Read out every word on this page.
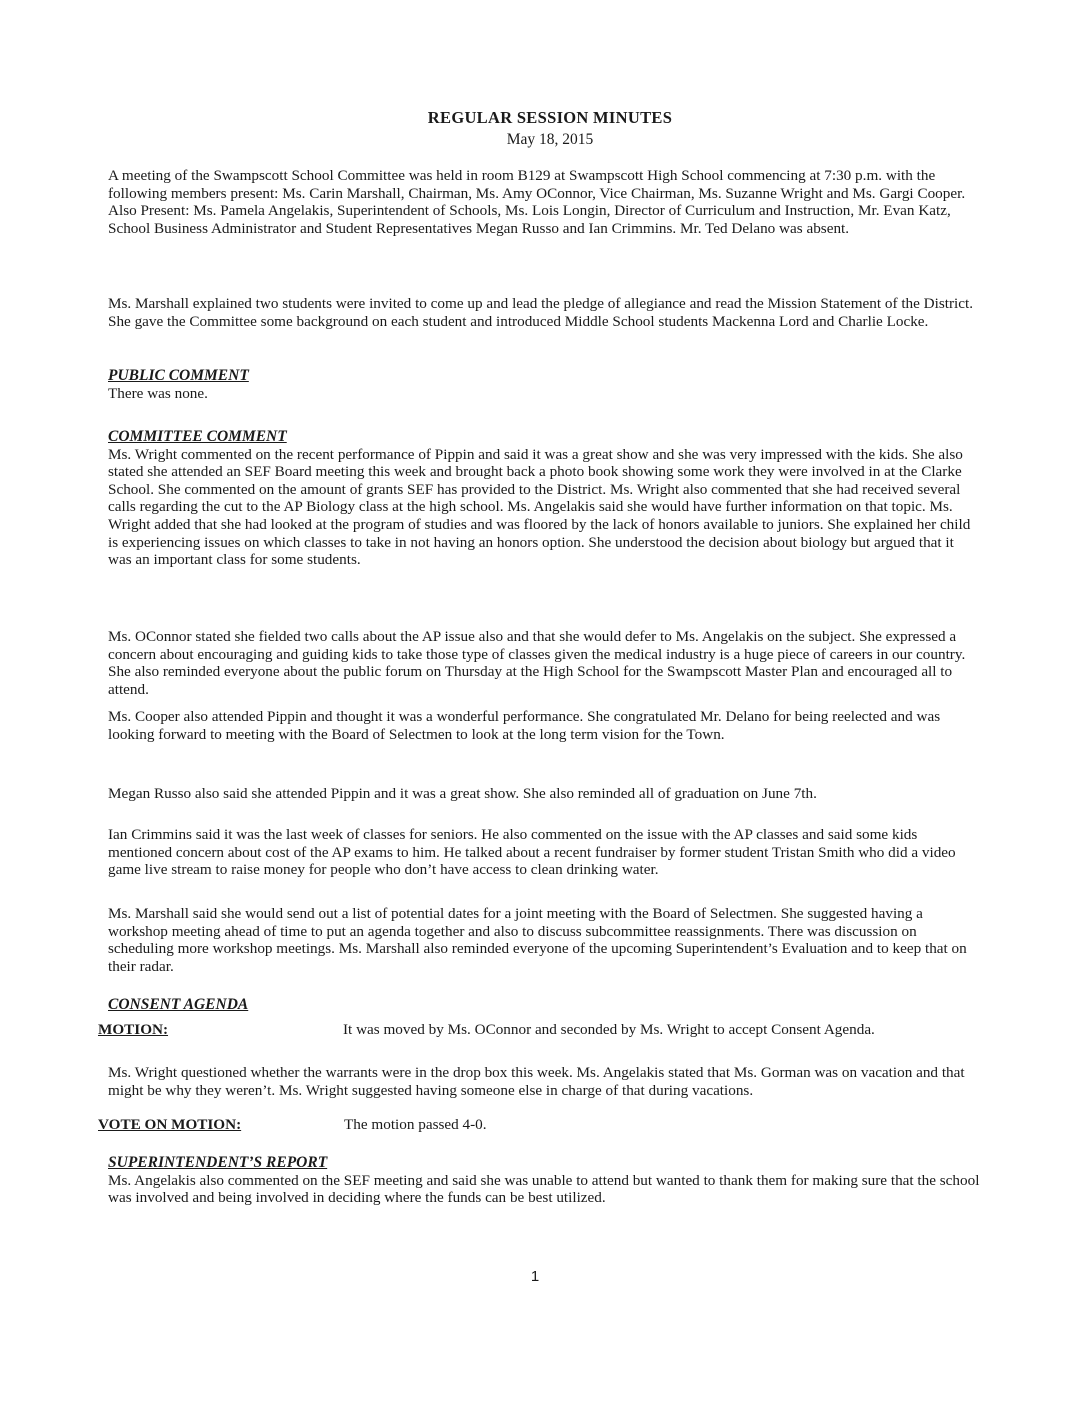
REGULAR SESSION MINUTES
May 18, 2015

A meeting of the Swampscott School Committee was held in room B129 at Swampscott High School commencing at 7:30 p.m. with the following members present: Ms. Carin Marshall, Chairman, Ms. Amy OConnor, Vice Chairman, Ms. Suzanne Wright and Ms. Gargi Cooper. Also Present: Ms. Pamela Angelakis, Superintendent of Schools, Ms. Lois Longin, Director of Curriculum and Instruction, Mr. Evan Katz, School Business Administrator and Student Representatives Megan Russo and Ian Crimmins. Mr. Ted Delano was absent.

Ms. Marshall explained two students were invited to come up and lead the pledge of allegiance and read the Mission Statement of the District. She gave the Committee some background on each student and introduced Middle School students Mackenna Lord and Charlie Locke.

PUBLIC COMMENT

There was none.

COMMITTEE COMMENT

Ms. Wright commented on the recent performance of Pippin and said it was a great show and she was very impressed with the kids. She also stated she attended an SEF Board meeting this week and brought back a photo book showing some work they were involved in at the Clarke School. She commented on the amount of grants SEF has provided to the District. Ms. Wright also commented that she had received several calls regarding the cut to the AP Biology class at the high school. Ms. Angelakis said she would have further information on that topic. Ms. Wright added that she had looked at the program of studies and was floored by the lack of honors available to juniors. She explained her child is experiencing issues on which classes to take in not having an honors option. She understood the decision about biology but argued that it was an important class for some students.

Ms. OConnor stated she fielded two calls about the AP issue also and that she would defer to Ms. Angelakis on the subject. She expressed a concern about encouraging and guiding kids to take those type of classes given the medical industry is a huge piece of careers in our country. She also reminded everyone about the public forum on Thursday at the High School for the Swampscott Master Plan and encouraged all to attend.

Ms. Cooper also attended Pippin and thought it was a wonderful performance. She congratulated Mr. Delano for being reelected and was looking forward to meeting with the Board of Selectmen to look at the long term vision for the Town.

Megan Russo also said she attended Pippin and it was a great show. She also reminded all of graduation on June 7th.

Ian Crimmins said it was the last week of classes for seniors. He also commented on the issue with the AP classes and said some kids mentioned concern about cost of the AP exams to him. He talked about a recent fundraiser by former student Tristan Smith who did a video game live stream to raise money for people who don’t have access to clean drinking water.

Ms. Marshall said she would send out a list of potential dates for a joint meeting with the Board of Selectmen. She suggested having a workshop meeting ahead of time to put an agenda together and also to discuss subcommittee reassignments. There was discussion on scheduling more workshop meetings. Ms. Marshall also reminded everyone of the upcoming Superintendent’s Evaluation and to keep that on their radar.

CONSENT AGENDA

MOTION:	It was moved by Ms. OConnor and seconded by Ms. Wright to accept Consent Agenda.

Ms. Wright questioned whether the warrants were in the drop box this week. Ms. Angelakis stated that Ms. Gorman was on vacation and that might be why they weren’t. Ms. Wright suggested having someone else in charge of that during vacations.

VOTE ON MOTION:	The motion passed 4-0.

SUPERINTENDENT’S REPORT

Ms. Angelakis also commented on the SEF meeting and said she was unable to attend but wanted to thank them for making sure that the school was involved and being involved in deciding where the funds can be best utilized.

1
